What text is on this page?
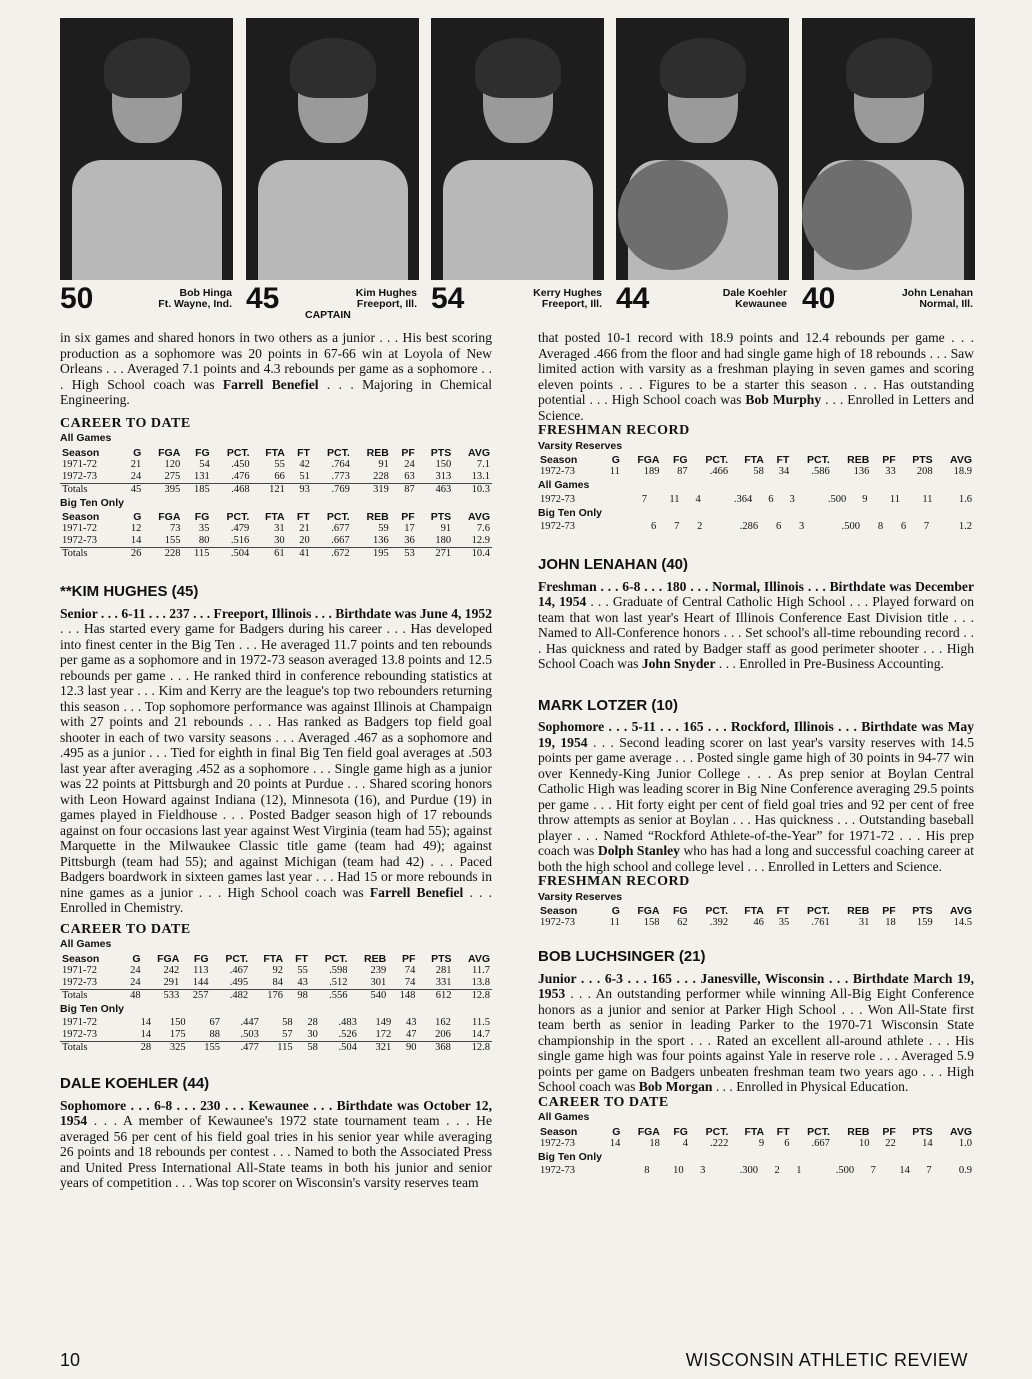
50	Bob Hinga
Ft. Wayne, Ind. 45	Kim Hughes
Freeport, Ill.
CAPTAIN	54	Kerry Hughes
Freeport, Ill. 44	Dale Koehler
Kewaunee 40	John Lenahan
Normal, Ill.

in six games and shared honors in two others as a junior . . . His best scoring production as a sophomore was 20 points in 67-66 win at Loyola of New Orleans . . . Averaged 7.1 points and 4.3 rebounds per game as a sophomore . . . High School coach was Farrell Benefiel . . . Majoring in Chemical Engineering.

CAREER TO DATE

All Games

Season	G	FGA	FG	PCT.	FTA	FT	PCT.	REB	PF	PTS	AVG
1971-72	21	120	54	.450	55	42	.764	91	24	150	7.1
1972-73	24	275	131	.476	66	51	.773	228	63	313	13.1
Totals	45	395	185	.468	121	93	.769	319	87	463	10.3

Big Ten Only

Season	G	FGA	FG	PCT.	FTA	FT	PCT.	REB	PF	PTS	AVG
1971-72	12	73	35	.479	31	21	.677	59	17	91	7.6
1972-73	14	155	80	.516	30	20	.667	136	36	180	12.9
Totals	26	228	115	.504	61	41	.672	195	53	271	10.4

**KIM HUGHES (45)

Senior . . . 6-11 . . . 237 . . . Freeport, Illinois . . . Birthdate was June 4, 1952 . . . Has started every game for Badgers during his career . . . Has developed into finest center in the Big Ten . . . He averaged 11.7 points and ten rebounds per game as a sophomore and in 1972-73 season averaged 13.8 points and 12.5 rebounds per game . . . He ranked third in conference rebounding statistics at 12.3 last year . . . Kim and Kerry are the league's top two rebounders returning this season . . . Top sophomore performance was against Illinois at Champaign with 27 points and 21 rebounds . . . Has ranked as Badgers top field goal shooter in each of two varsity seasons . . . Averaged .467 as a sophomore and .495 as a junior . . . Tied for eighth in final Big Ten field goal averages at .503 last year after averaging .452 as a sophomore . . . Single game high as a junior was 22 points at Pittsburgh and 20 points at Purdue . . . Shared scoring honors with Leon Howard against Indiana (12), Minnesota (16), and Purdue (19) in games played in Fieldhouse . . . Posted Badger season high of 17 rebounds against on four occasions last year against West Virginia (team had 55); against Marquette in the Milwaukee Classic title game (team had 49); against Pittsburgh (team had 55); and against Michigan (team had 42) . . . Paced Badgers boardwork in sixteen games last year . . . Had 15 or more rebounds in nine games as a junior . . . High School coach was Farrell Benefiel . . . Enrolled in Chemistry.

CAREER TO DATE

All Games

Season	G	FGA	FG	PCT.	FTA	FT	PCT.	REB	PF	PTS	AVG
1971-72	24	242	113	.467	92	55	.598	239	74	281	11.7
1972-73	24	291	144	.495	84	43	.512	301	74	331	13.8
Totals	48	533	257	.482	176	98	.556	540	148	612	12.8

Big Ten Only

1971-72	14	150	67	.447	58	28	.483	149	43	162	11.5
1972-73	14	175	88	.503	57	30	.526	172	47	206	14.7
Totals	28	325	155	.477	115	58	.504	321	90	368	12.8

DALE KOEHLER (44)

Sophomore . . . 6-8 . . . 230 . . . Kewaunee . . . Birthdate was October 12, 1954 . . . A member of Kewaunee's 1972 state tournament team . . . He averaged 56 per cent of his field goal tries in his senior year while averaging 26 points and 18 rebounds per contest . . . Named to both the Associated Press and United Press International All-State teams in both his junior and senior years of competition . . . Was top scorer on Wisconsin's varsity reserves team

that posted 10-1 record with 18.9 points and 12.4 rebounds per game . . . Averaged .466 from the floor and had single game high of 18 rebounds . . . Saw limited action with varsity as a freshman playing in seven games and scoring eleven points . . . Figures to be a starter this season . . . Has outstanding potential . . . High School coach was Bob Murphy . . . Enrolled in Letters and Science.

FRESHMAN RECORD

Varsity Reserves

Season	G	FGA	FG	PCT.	FTA	FT	PCT.	REB	PF	PTS	AVG
1972-73	11	189	87	.466	58	34	.586	136	33	208	18.9

All Games

1972-73	7	11	4	.364	6	3	.500	9	11	11	1.6

Big Ten Only

1972-73	6	7	2	.286	6	3	.500	8	6	7	1.2

JOHN LENAHAN (40)

Freshman . . . 6-8 . . . 180 . . . Normal, Illinois . . . Birthdate was December 14, 1954 . . . Graduate of Central Catholic High School . . . Played forward on team that won last year's Heart of Illinois Conference East Division title . . . Named to All-Conference honors . . . Set school's all-time rebounding record . . . Has quickness and rated by Badger staff as good perimeter shooter . . . High School Coach was John Snyder . . . Enrolled in Pre-Business Accounting.

MARK LOTZER (10)

Sophomore . . . 5-11 . . . 165 . . . Rockford, Illinois . . . Birthdate was May 19, 1954 . . . Second leading scorer on last year's varsity reserves with 14.5 points per game average . . . Posted single game high of 30 points in 94-77 win over Kennedy-King Junior College . . . As prep senior at Boylan Central Catholic High was leading scorer in Big Nine Conference averaging 29.5 points per game . . . Hit forty eight per cent of field goal tries and 92 per cent of free throw attempts as senior at Boylan . . . Has quickness . . . Outstanding baseball player . . . Named “Rockford Athlete-of-the-Year” for 1971-72 . . . His prep coach was Dolph Stanley who has had a long and successful coaching career at both the high school and college level . . . Enrolled in Letters and Science.

FRESHMAN RECORD

Varsity Reserves

Season	G	FGA	FG	PCT.	FTA	FT	PCT.	REB	PF	PTS	AVG
1972-73	11	158	62	.392	46	35	.761	31	18	159	14.5

BOB LUCHSINGER (21)

Junior . . . 6-3 . . . 165 . . . Janesville, Wisconsin . . . Birthdate March 19, 1953 . . . An outstanding performer while winning All-Big Eight Conference honors as a junior and senior at Parker High School . . . Won All-State first team berth as senior in leading Parker to the 1970-71 Wisconsin State championship in the sport . . . Rated an excellent all-around athlete . . . His single game high was four points against Yale in reserve role . . . Averaged 5.9 points per game on Badgers unbeaten freshman team two years ago . . . High School coach was Bob Morgan . . . Enrolled in Physical Education.

CAREER TO DATE

All Games

Season	G	FGA	FG	PCT.	FTA	FT	PCT.	REB	PF	PTS	AVG
1972-73	14	18	4	.222	9	6	.667	10	22	14	1.0

Big Ten Only

1972-73	8	10	3	.300	2	1	.500	7	14	7	0.9
10	WISCONSIN ATHLETIC REVIEW
